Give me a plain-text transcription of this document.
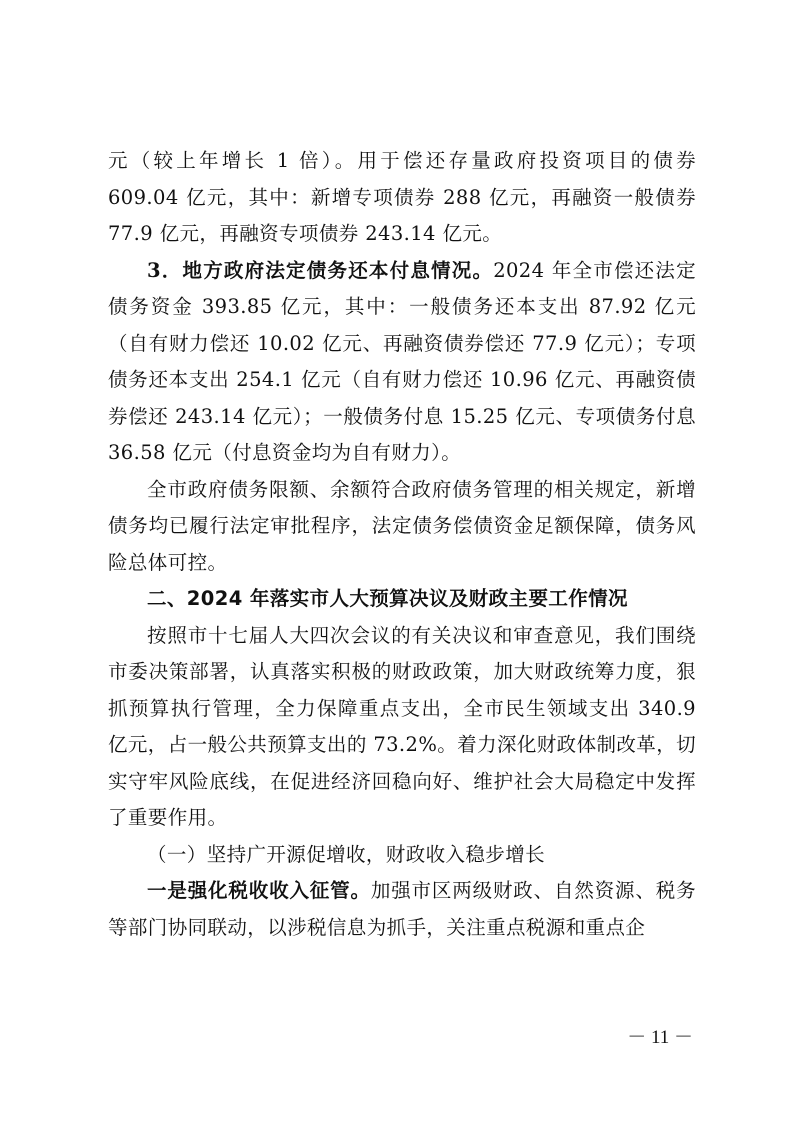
元（较上年增长 1 倍）。用于偿还存量政府投资项目的债券 609.04 亿元，其中：新增专项债券 288 亿元，再融资一般债券 77.9 亿元，再融资专项债券 243.14 亿元。

3．地方政府法定债务还本付息情况。2024 年全市偿还法定债务资金 393.85 亿元，其中：一般债务还本支出 87.92 亿元（自有财力偿还 10.02 亿元、再融资债券偿还 77.9 亿元）；专项债务还本支出 254.1 亿元（自有财力偿还 10.96 亿元、再融资债券偿还 243.14 亿元）；一般债务付息 15.25 亿元、专项债务付息 36.58 亿元（付息资金均为自有财力）。

全市政府债务限额、余额符合政府债务管理的相关规定，新增债务均已履行法定审批程序，法定债务偿债资金足额保障，债务风险总体可控。

二、2024 年落实市人大预算决议及财政主要工作情况

按照市十七届人大四次会议的有关决议和审查意见，我们围绕市委决策部署，认真落实积极的财政政策，加大财政统筹力度，狠抓预算执行管理，全力保障重点支出，全市民生领域支出 340.9 亿元，占一般公共预算支出的 73.2%。着力深化财政体制改革，切实守牢风险底线，在促进经济回稳向好、维护社会大局稳定中发挥了重要作用。

（一）坚持广开源促增收，财政收入稳步增长

一是强化税收收入征管。加强市区两级财政、自然资源、税务等部门协同联动，以涉税信息为抓手，关注重点税源和重点企

－ 11 －
